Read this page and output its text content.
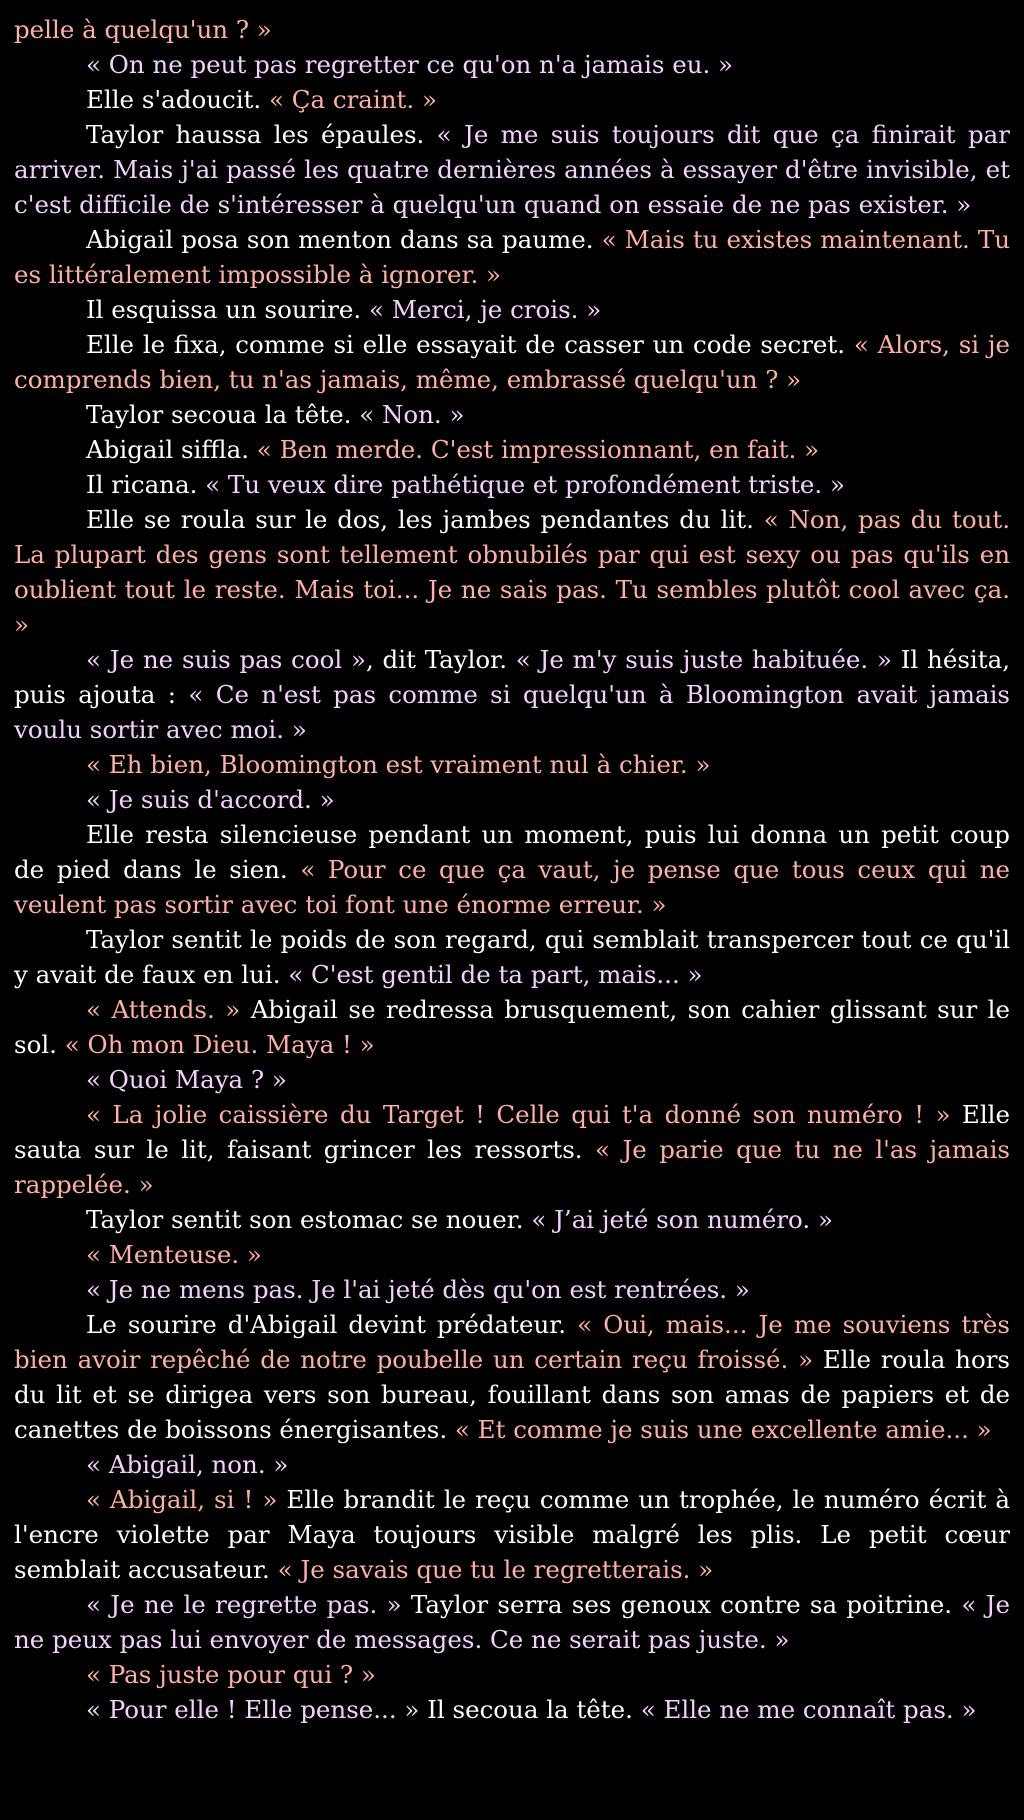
pelle à quelqu'un ? »

« On ne peut pas regretter ce qu'on n'a jamais eu. »

Elle s'adoucit. « Ça craint. »

Taylor haussa les épaules. « Je me suis toujours dit que ça finirait par arriver. Mais j'ai passé les quatre dernières années à essayer d'être invisible, et c'est difficile de s'intéresser à quelqu'un quand on essaie de ne pas exister. »

Abigail posa son menton dans sa paume. « Mais tu existes maintenant. Tu es littéralement impossible à ignorer. »

Il esquissa un sourire. « Merci, je crois. »

Elle le fixa, comme si elle essayait de casser un code secret. « Alors, si je comprends bien, tu n'as jamais, même, embrassé quelqu'un ? »

Taylor secoua la tête. « Non. »

Abigail siffla. « Ben merde. C'est impressionnant, en fait. »

Il ricana. « Tu veux dire pathétique et profondément triste. »

Elle se roula sur le dos, les jambes pendantes du lit. « Non, pas du tout. La plupart des gens sont tellement obnubilés par qui est sexy ou pas qu'ils en oublient tout le reste. Mais toi... Je ne sais pas. Tu sembles plutôt cool avec ça. »

« Je ne suis pas cool », dit Taylor. « Je m'y suis juste habituée. » Il hésita, puis ajouta : « Ce n'est pas comme si quelqu'un à Bloomington avait jamais voulu sortir avec moi. »

« Eh bien, Bloomington est vraiment nul à chier. »

« Je suis d'accord. »

Elle resta silencieuse pendant un moment, puis lui donna un petit coup de pied dans le sien. « Pour ce que ça vaut, je pense que tous ceux qui ne veulent pas sortir avec toi font une énorme erreur. »

Taylor sentit le poids de son regard, qui semblait transpercer tout ce qu'il y avait de faux en lui. « C'est gentil de ta part, mais... »

« Attends. » Abigail se redressa brusquement, son cahier glissant sur le sol. « Oh mon Dieu. Maya ! »

« Quoi Maya ? »

« La jolie caissière du Target ! Celle qui t'a donné son numéro ! » Elle sauta sur le lit, faisant grincer les ressorts. « Je parie que tu ne l'as jamais rappelée. »

Taylor sentit son estomac se nouer. « J’ai jeté son numéro. »

« Menteuse. »

« Je ne mens pas. Je l'ai jeté dès qu'on est rentrées. »

Le sourire d'Abigail devint prédateur. « Oui, mais... Je me souviens très bien avoir repêché de notre poubelle un certain reçu froissé. » Elle roula hors du lit et se dirigea vers son bureau, fouillant dans son amas de papiers et de canettes de boissons énergisantes. « Et comme je suis une excellente amie... »

« Abigail, non. »

« Abigail, si ! » Elle brandit le reçu comme un trophée, le numéro écrit à l'encre violette par Maya toujours visible malgré les plis. Le petit cœur semblait accusateur. « Je savais que tu le regretterais. »

« Je ne le regrette pas. » Taylor serra ses genoux contre sa poitrine. « Je ne peux pas lui envoyer de messages. Ce ne serait pas juste. »

« Pas juste pour qui ? »

« Pour elle ! Elle pense... » Il secoua la tête. « Elle ne me connaît pas. »
